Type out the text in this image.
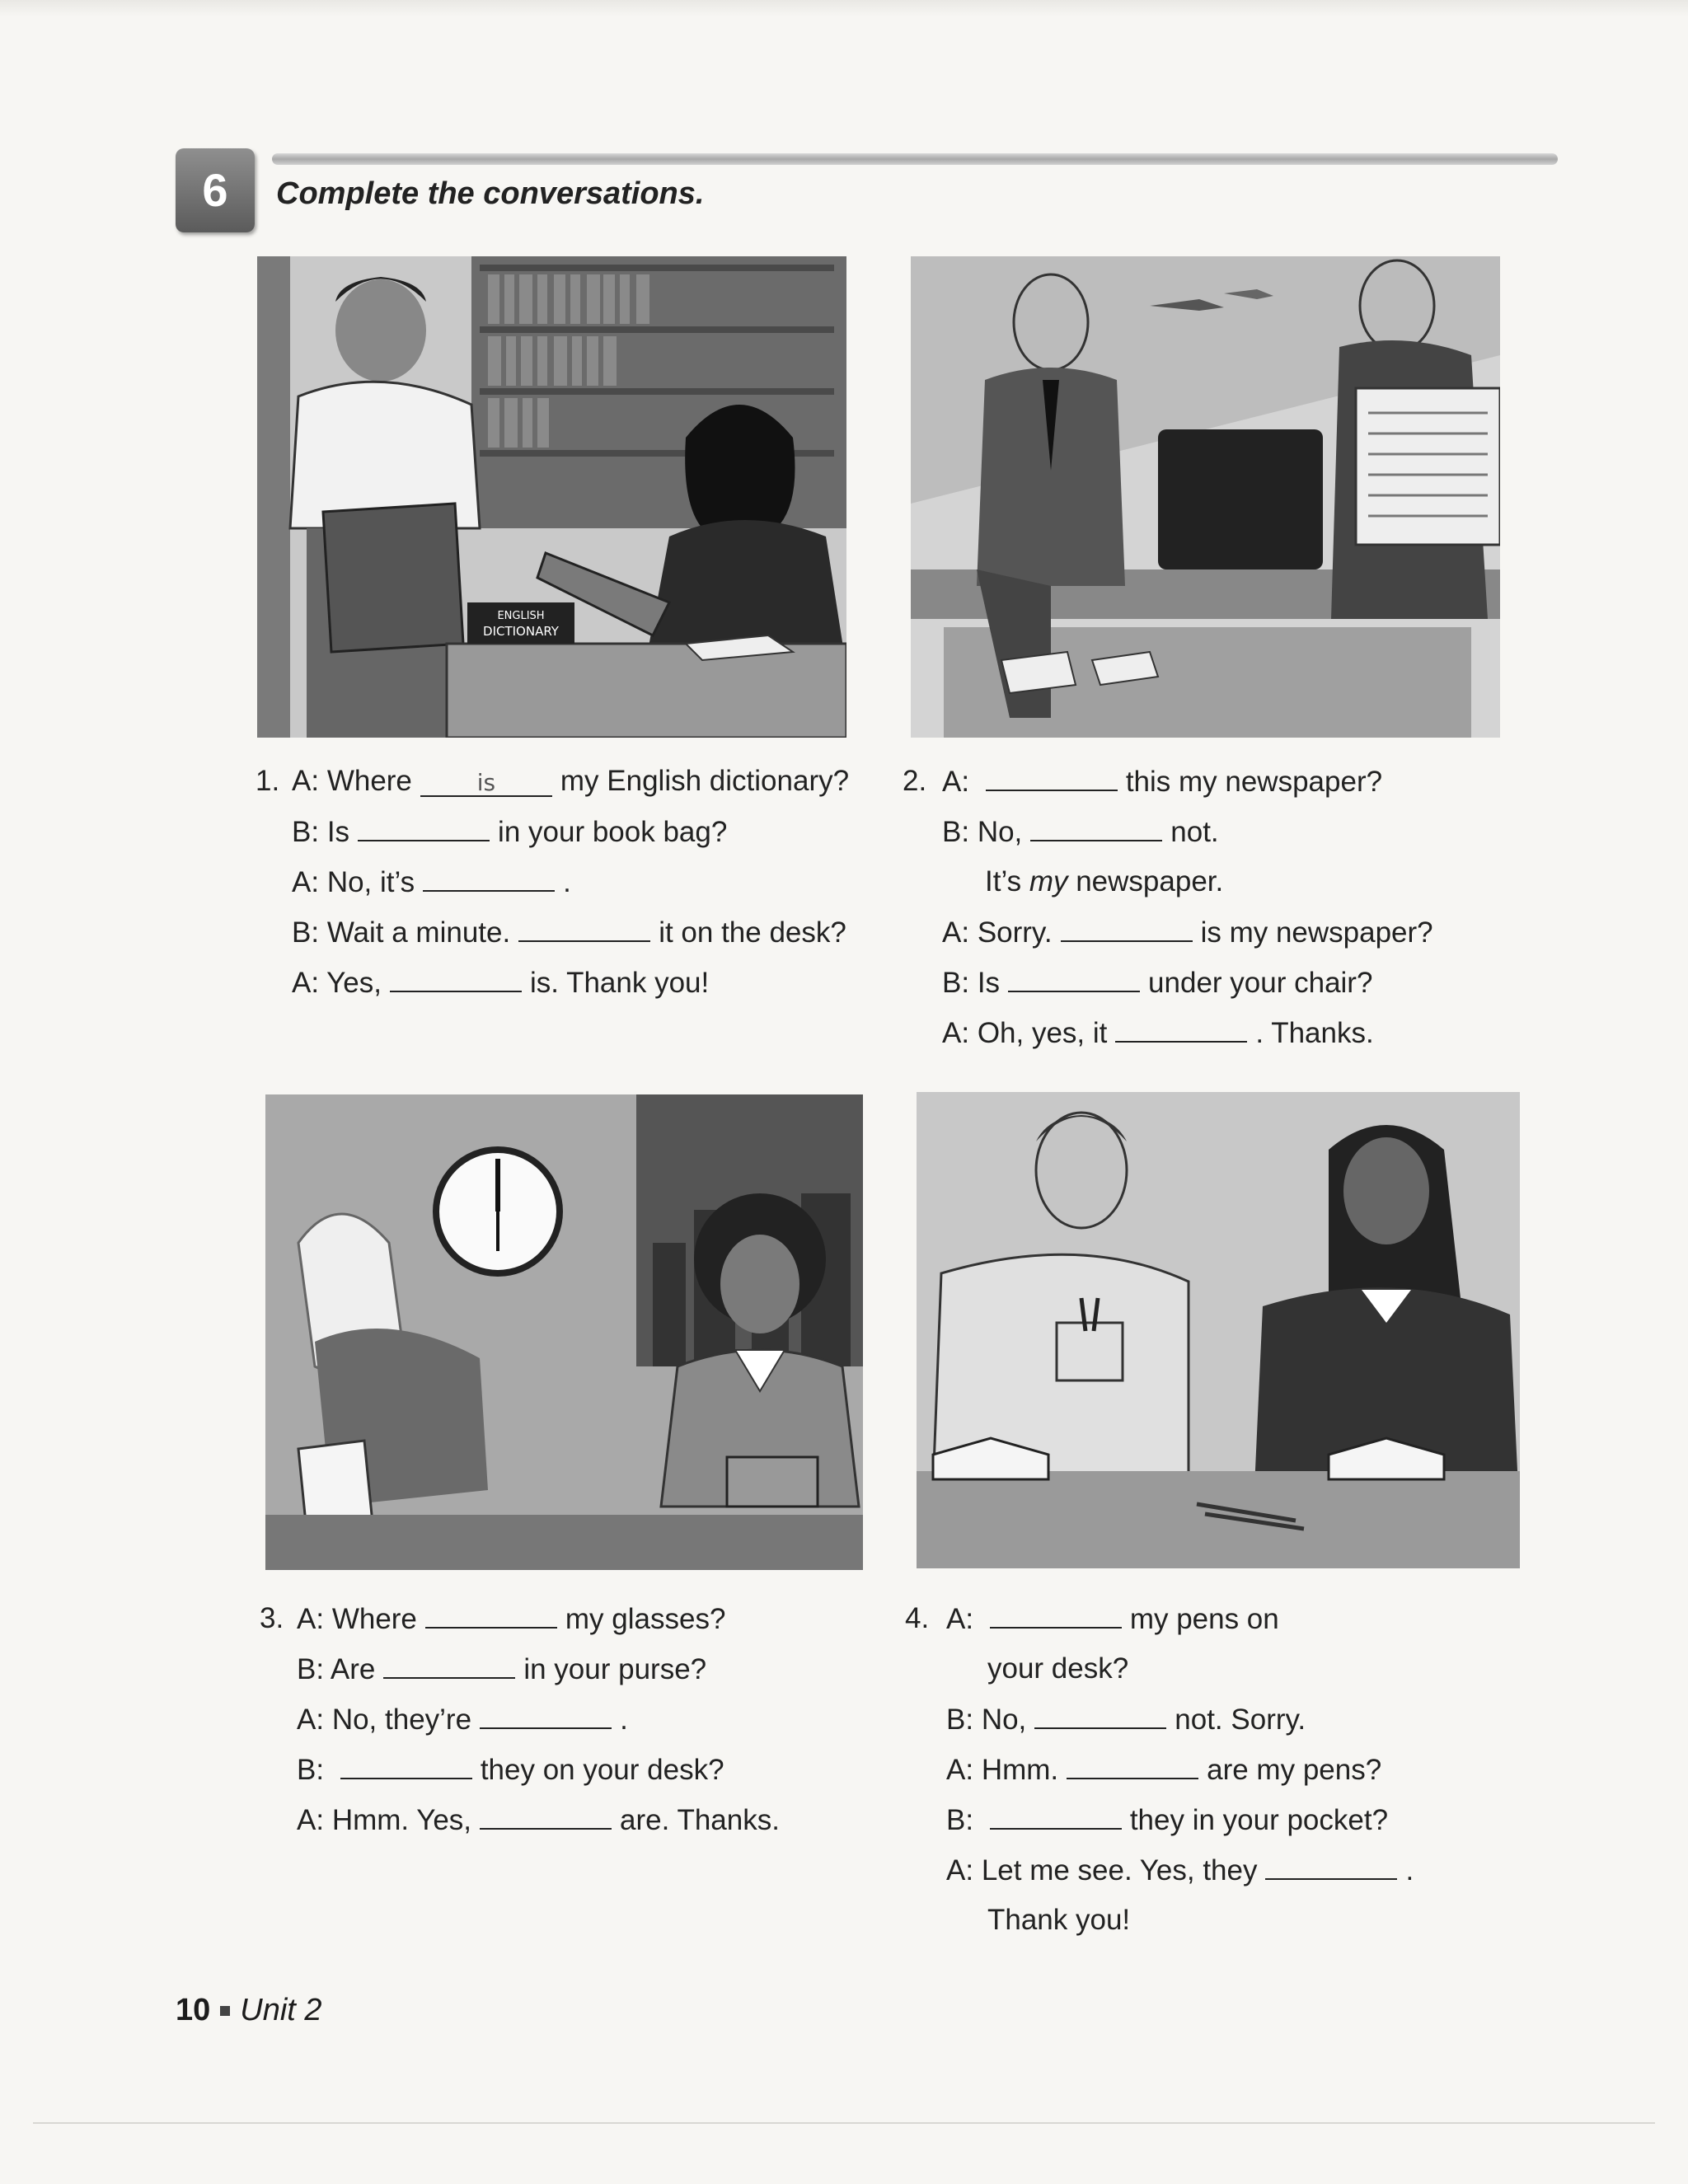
6	Complete the conversations.
ENGLISH
DICTIONARY
1. A: Where	is my English dictionary?
B: Is	in your book bag?
A: No, it’s	.
B: Wait a minute.	it on the desk?
A: Yes,	is. Thank you!
2. A:	this my newspaper?
B: No,	not.
It’s my newspaper.
A: Sorry.	is my newspaper?
B: Is	under your chair?
A: Oh, yes, it	. Thanks.
3. A: Where	my glasses?
B: Are	in your purse?
A: No, they’re	.
B:	they on your desk?
A: Hmm. Yes,	are. Thanks.
4. A:	my pens on
your desk?
B: No,	not. Sorry.
A: Hmm.	are my pens?
B:	they in your pocket?
A: Let me see. Yes, they	.
Thank you!
10 Unit 2
